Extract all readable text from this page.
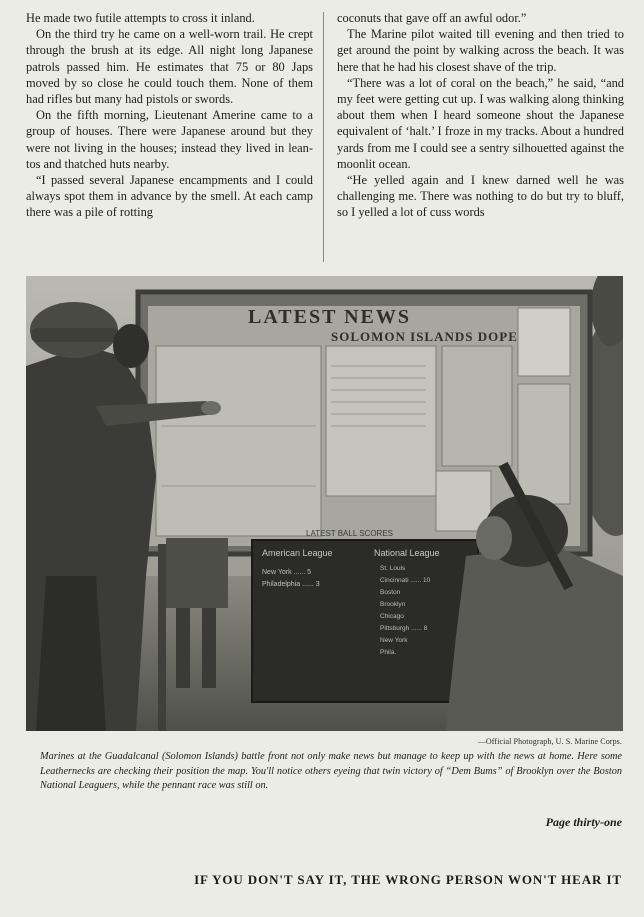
He made two futile attempts to cross it inland.

On the third try he came on a well-worn trail. He crept through the brush at its edge. All night long Japanese patrols passed him. He estimates that 75 or 80 Japs moved by so close he could touch them. None of them had rifles but many had pistols or swords.

On the fifth morning, Lieutenant Amerine came to a group of houses. There were Japanese around but they were not living in the houses; instead they lived in lean-tos and thatched huts nearby.

“I passed several Japanese encampments and I could always spot them in advance by the smell. At each camp there was a pile of rotting

coconuts that gave off an awful odor.”

The Marine pilot waited till evening and then tried to get around the point by walking across the beach. It was here that he had his closest shave of the trip.

“There was a lot of coral on the beach,” he said, “and my feet were getting cut up. I was walking along thinking about them when I heard someone shout the Japanese equivalent of ‘halt.’ I froze in my tracks. About a hundred yards from me I could see a sentry silhouetted against the moonlit ocean.

“He yelled again and I knew darned well he was challenging me. There was nothing to do but try to bluff, so I yelled a lot of cuss words

LATEST NEWS
SOLOMON ISLANDS DOPE
LATEST BALL SCORES
American League	National League
New York ...... 5
Philadelphia ...... 3
St. Louis
Cincinnati ...... 10
Boston
Brooklyn
Chicago
Pittsburgh ...... 8
New York
Phila.
—Official Photograph, U. S. Marine Corps.
Marines at the Guadalcanal (Solomon Islands) battle front not only make news but manage to keep up with the news at home. Here some Leathernecks are checking their position the map. You'll notice others eyeing that twin victory of “Dem Bums” of Brooklyn over the Boston National Leaguers, while the pennant race was still on.
Page thirty-one
IF YOU DON'T SAY IT, THE WRONG PERSON WON'T HEAR IT
